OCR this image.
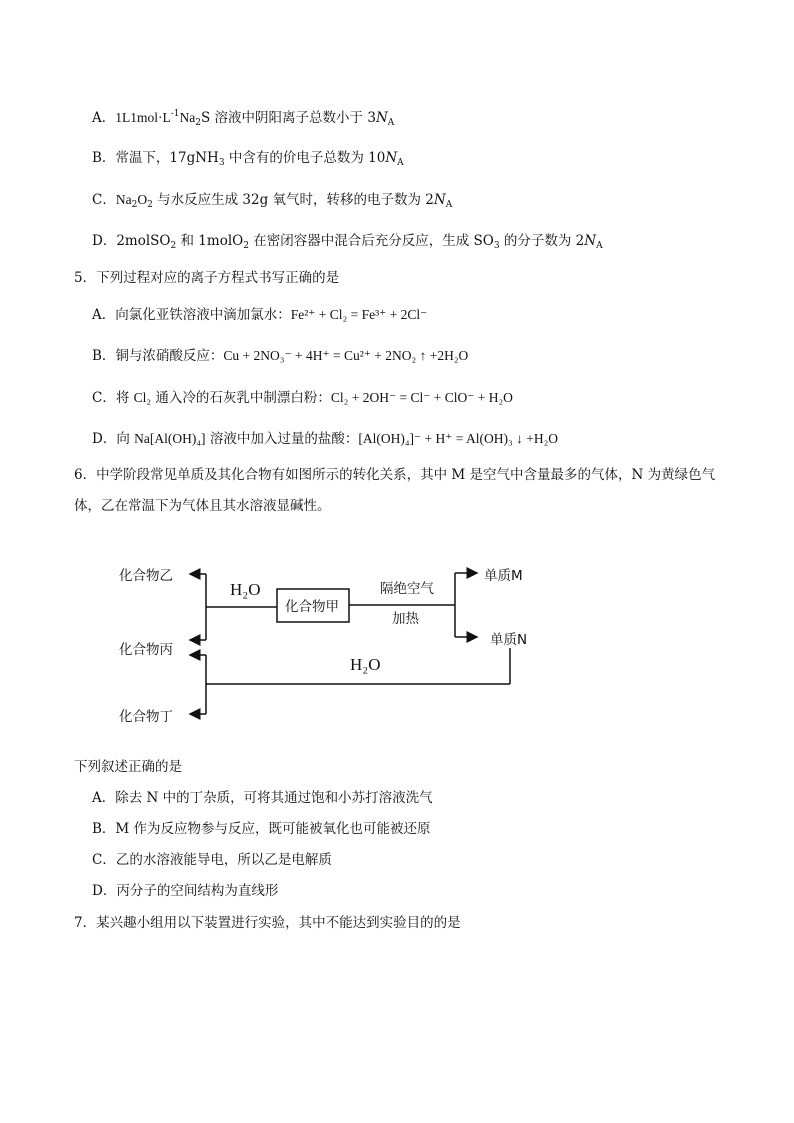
A．$1L1mol\cdot L^{-1}Na_2S$ 溶液中阴阳离子总数小于 $3N_A$
B．常温下，17gNH$_3$ 中含有的价电子总数为 $10N_A$
C．$Na_2O_2$ 与水反应生成 32g 氧气时，转移的电子数为 $2N_A$
D．2molSO$_2$ 和 1molO$_2$ 在密闭容器中混合后充分反应，生成 $SO_3$ 的分子数为 $2N_A$
5．下列过程对应的离子方程式书写正确的是
A．向氯化亚铁溶液中滴加氯水：Fe²⁺ + Cl₂ = Fe³⁺ + 2Cl⁻
B．铜与浓硝酸反应：Cu + 2NO₃⁻ + 4H⁺ = Cu²⁺ + 2NO₂ ↑ +2H₂O
C．将 Cl₂ 通入冷的石灰乳中制漂白粉：Cl₂ + 2OH⁻ = Cl⁻ + ClO⁻ + H₂O
D．向 Na[Al(OH)₄] 溶液中加入过量的盐酸：[Al(OH)₄]⁻ + H⁺ = Al(OH)₃ ↓ +H₂O
6．中学阶段常见单质及其化合物有如图所示的转化关系，其中 M 是空气中含量最多的气体，N 为黄绿色气
体，乙在常温下为气体且其水溶液显碱性。
化合物乙
化合物丙
化合物丁
化合物甲
H₂O
H₂O
隔绝空气
加热
单质M
单质N
下列叙述正确的是
A．除去 N 中的丁杂质，可将其通过饱和小苏打溶液洗气
B．M 作为反应物参与反应，既可能被氧化也可能被还原
C．乙的水溶液能导电，所以乙是电解质
D．丙分子的空间结构为直线形
7．某兴趣小组用以下装置进行实验，其中不能达到实验目的的是
